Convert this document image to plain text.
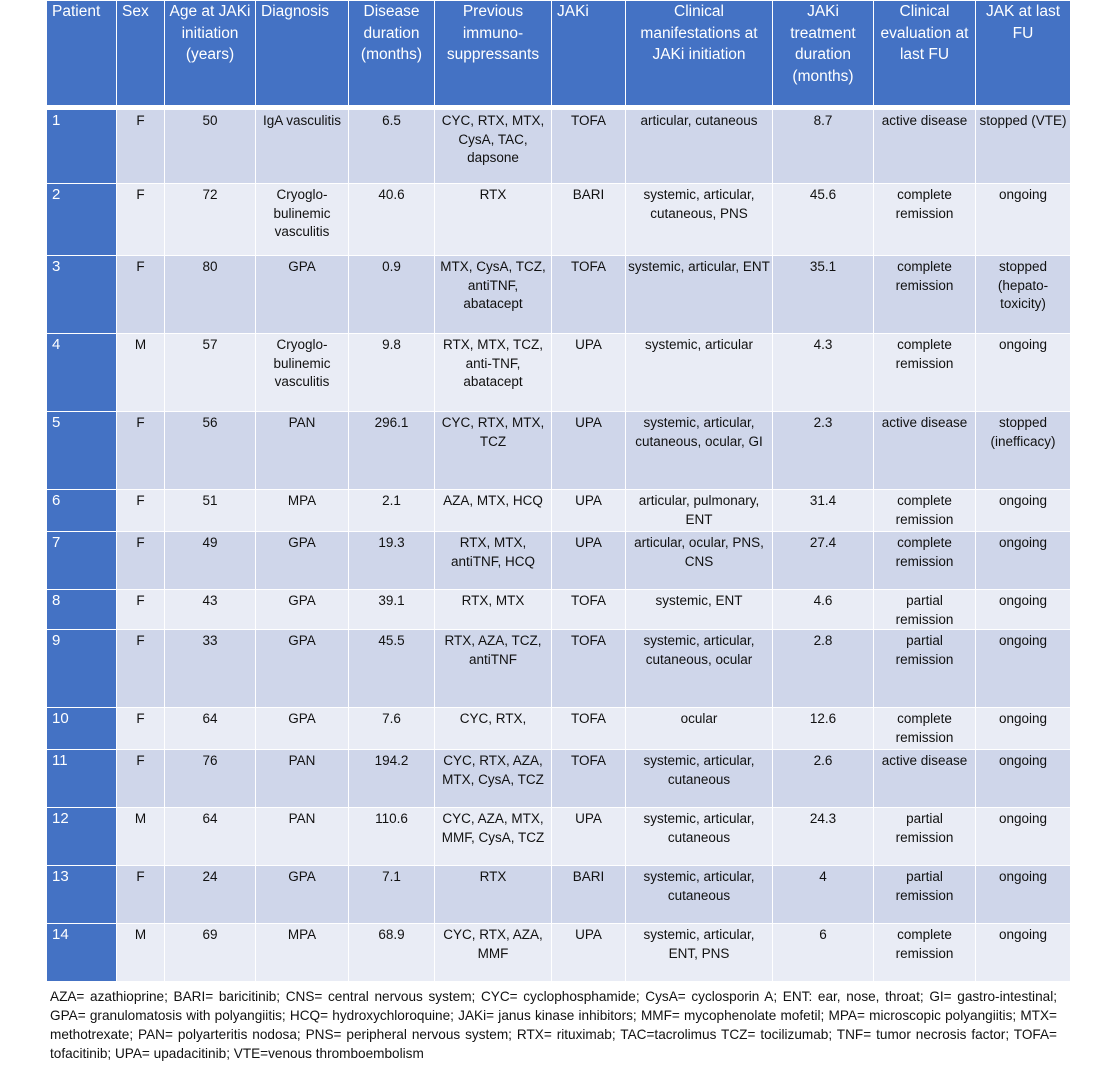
Patient	Sex	Age at JAKi initiation (years)	Diagnosis	Disease duration (months)	Previous immuno-suppressants	JAKi	Clinical manifestations at JAKi initiation	JAKi treatment duration (months)	Clinical evaluation at last FU	JAK at last FU
1	F	50	IgA vasculitis	6.5	CYC, RTX, MTX, CysA, TAC, dapsone	TOFA	articular, cutaneous	8.7	active disease	stopped (VTE)
2	F	72	Cryoglo-bulinemic vasculitis	40.6	RTX	BARI	systemic, articular, cutaneous, PNS	45.6	complete remission	ongoing
3	F	80	GPA	0.9	MTX, CysA, TCZ, antiTNF, abatacept	TOFA	systemic, articular, ENT	35.1	complete remission	stopped (hepato-toxicity)
4	M	57	Cryoglo-bulinemic vasculitis	9.8	RTX, MTX, TCZ, anti-TNF, abatacept	UPA	systemic, articular	4.3	complete remission	ongoing
5	F	56	PAN	296.1	CYC, RTX, MTX, TCZ	UPA	systemic, articular, cutaneous, ocular, GI	2.3	active disease	stopped (inefficacy)
6	F	51	MPA	2.1	AZA, MTX, HCQ	UPA	articular, pulmonary, ENT	31.4	complete remission	ongoing
7	F	49	GPA	19.3	RTX, MTX, antiTNF, HCQ	UPA	articular, ocular, PNS, CNS	27.4	complete remission	ongoing
8	F	43	GPA	39.1	RTX, MTX	TOFA	systemic, ENT	4.6	partial remission	ongoing
9	F	33	GPA	45.5	RTX, AZA, TCZ, antiTNF	TOFA	systemic, articular, cutaneous, ocular	2.8	partial remission	ongoing
10	F	64	GPA	7.6	CYC, RTX,	TOFA	ocular	12.6	complete remission	ongoing
11	F	76	PAN	194.2	CYC, RTX, AZA, MTX, CysA, TCZ	TOFA	systemic, articular, cutaneous	2.6	active disease	ongoing
12	M	64	PAN	110.6	CYC, AZA, MTX, MMF, CysA, TCZ	UPA	systemic, articular, cutaneous	24.3	partial remission	ongoing
13	F	24	GPA	7.1	RTX	BARI	systemic, articular, cutaneous	4	partial remission	ongoing
14	M	69	MPA	68.9	CYC, RTX, AZA, MMF	UPA	systemic, articular, ENT, PNS	6	complete remission	ongoing
AZA= azathioprine; BARI= baricitinib; CNS= central nervous system; CYC= cyclophosphamide; CysA= cyclosporin A; ENT: ear, nose, throat; GI= gastro-intestinal; GPA= granulomatosis with polyangiitis; HCQ= hydroxychloroquine; JAKi= janus kinase inhibitors; MMF= mycophenolate mofetil; MPA= microscopic polyangiitis; MTX= methotrexate; PAN= polyarteritis nodosa; PNS= peripheral nervous system; RTX= rituximab; TAC=tacrolimus TCZ= tocilizumab; TNF= tumor necrosis factor; TOFA= tofacitinib; UPA= upadacitinib; VTE=venous thromboembolism
